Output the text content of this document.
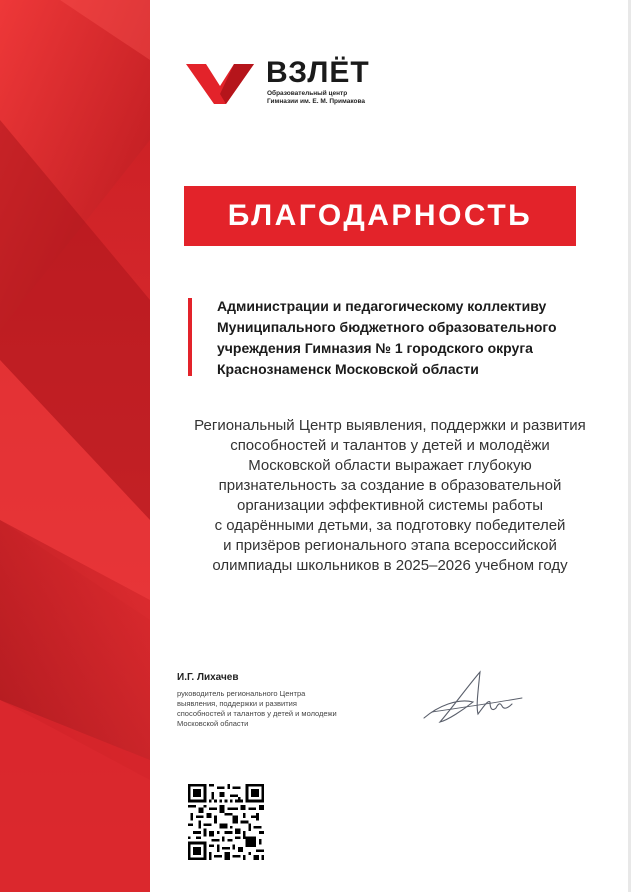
ВЗЛЁТ
Образовательный центр
Гимназии им. Е. М. Примакова
БЛАГОДАРНОСТЬ
Администрации и педагогическому коллективу
Муниципального бюджетного образовательного
учреждения Гимназия № 1 городского округа
Краснознаменск Московской области
Региональный Центр выявления, поддержки и развития
способностей и талантов у детей и молодёжи
Московской области выражает глубокую
признательность за создание в образовательной
организации эффективной системы работы
с одарёнными детьми, за подготовку победителей
и призёров регионального этапа всероссийской
олимпиады школьников в 2025–2026 учебном году
И.Г. Лихачев
руководитель регионального Центра
выявления, поддержки и развития
способностей и талантов у детей и молодежи
Московской области
